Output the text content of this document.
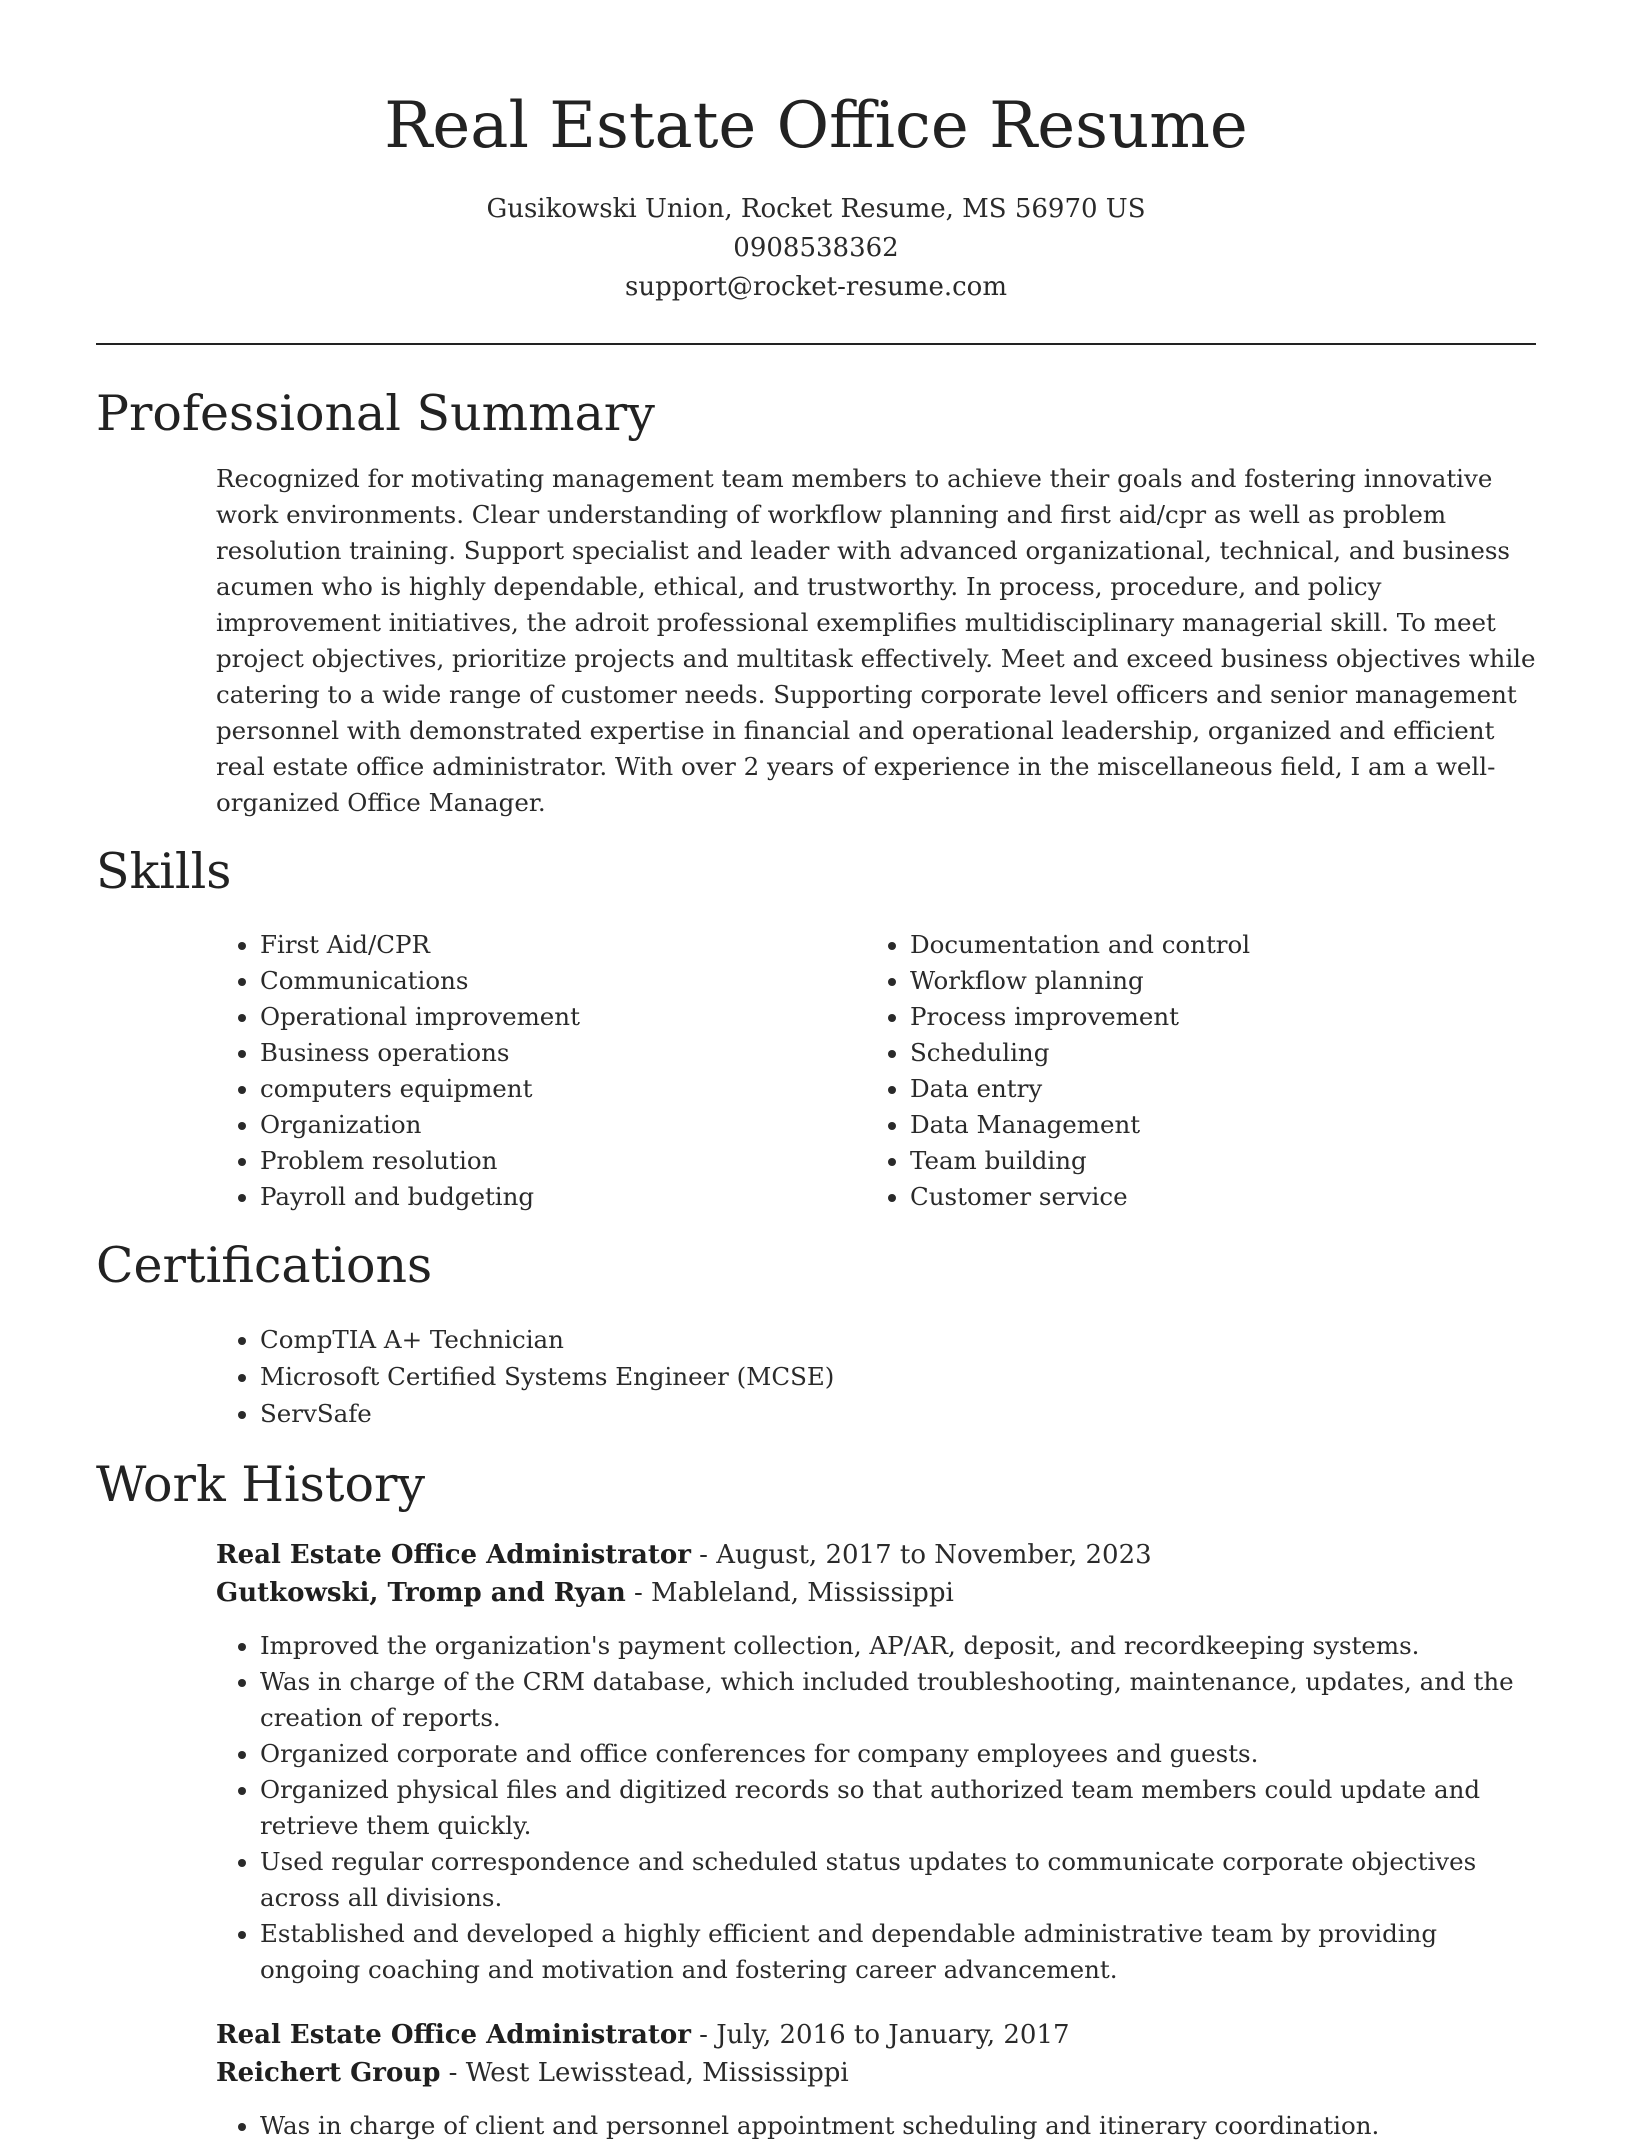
Real Estate Office Resume
Gusikowski Union, Rocket Resume, MS 56970 US
0908538362
support@rocket-resume.com
Professional Summary

Recognized for motivating management team members to achieve their goals and fostering innovative work environments. Clear understanding of workflow planning and first aid/cpr as well as problem resolution training. Support specialist and leader with advanced organizational, technical, and business acumen who is highly dependable, ethical, and trustworthy. In process, procedure, and policy improvement initiatives, the adroit professional exemplifies multidisciplinary managerial skill. To meet project objectives, prioritize projects and multitask effectively. Meet and exceed business objectives while catering to a wide range of customer needs. Supporting corporate level officers and senior management personnel with demonstrated expertise in financial and operational leadership, organized and efficient real estate office administrator. With over 2 years of experience in the miscellaneous field, I am a well-organized Office Manager.

Skills
• First Aid/CPR
• Communications
• Operational improvement
• Business operations
• computers equipment
• Organization
• Problem resolution
• Payroll and budgeting
• Documentation and control
• Workflow planning
• Process improvement
• Scheduling
• Data entry
• Data Management
• Team building
• Customer service
Certifications
• CompTIA A+ Technician
• Microsoft Certified Systems Engineer (MCSE)
• ServSafe
Work History
Real Estate Office Administrator - August, 2017 to November, 2023
Gutkowski, Tromp and Ryan - Mableland, Mississippi
• Improved the organization's payment collection, AP/AR, deposit, and recordkeeping systems.
• Was in charge of the CRM database, which included troubleshooting, maintenance, updates, and the creation of reports.
• Organized corporate and office conferences for company employees and guests.
• Organized physical files and digitized records so that authorized team members could update and retrieve them quickly.
• Used regular correspondence and scheduled status updates to communicate corporate objectives across all divisions.
• Established and developed a highly efficient and dependable administrative team by providing ongoing coaching and motivation and fostering career advancement.
Real Estate Office Administrator - July, 2016 to January, 2017
Reichert Group - West Lewisstead, Mississippi
• Was in charge of client and personnel appointment scheduling and itinerary coordination.
